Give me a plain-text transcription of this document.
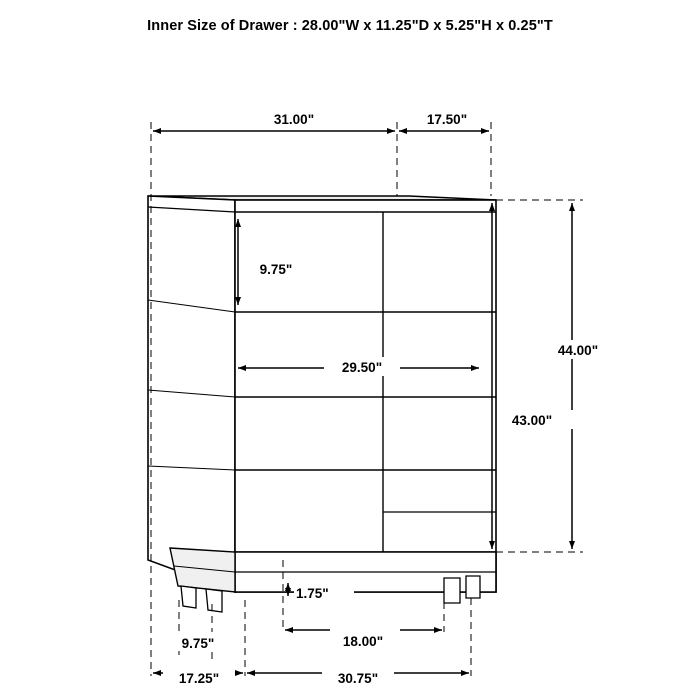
Inner Size of Drawer : 28.00"W x 11.25"D x 5.25"H x 0.25"T
31.00"	17.50"
9.75"
29.50"
44.00"
43.00"
1.75"
9.75"
17.25"
18.00"
30.75"
